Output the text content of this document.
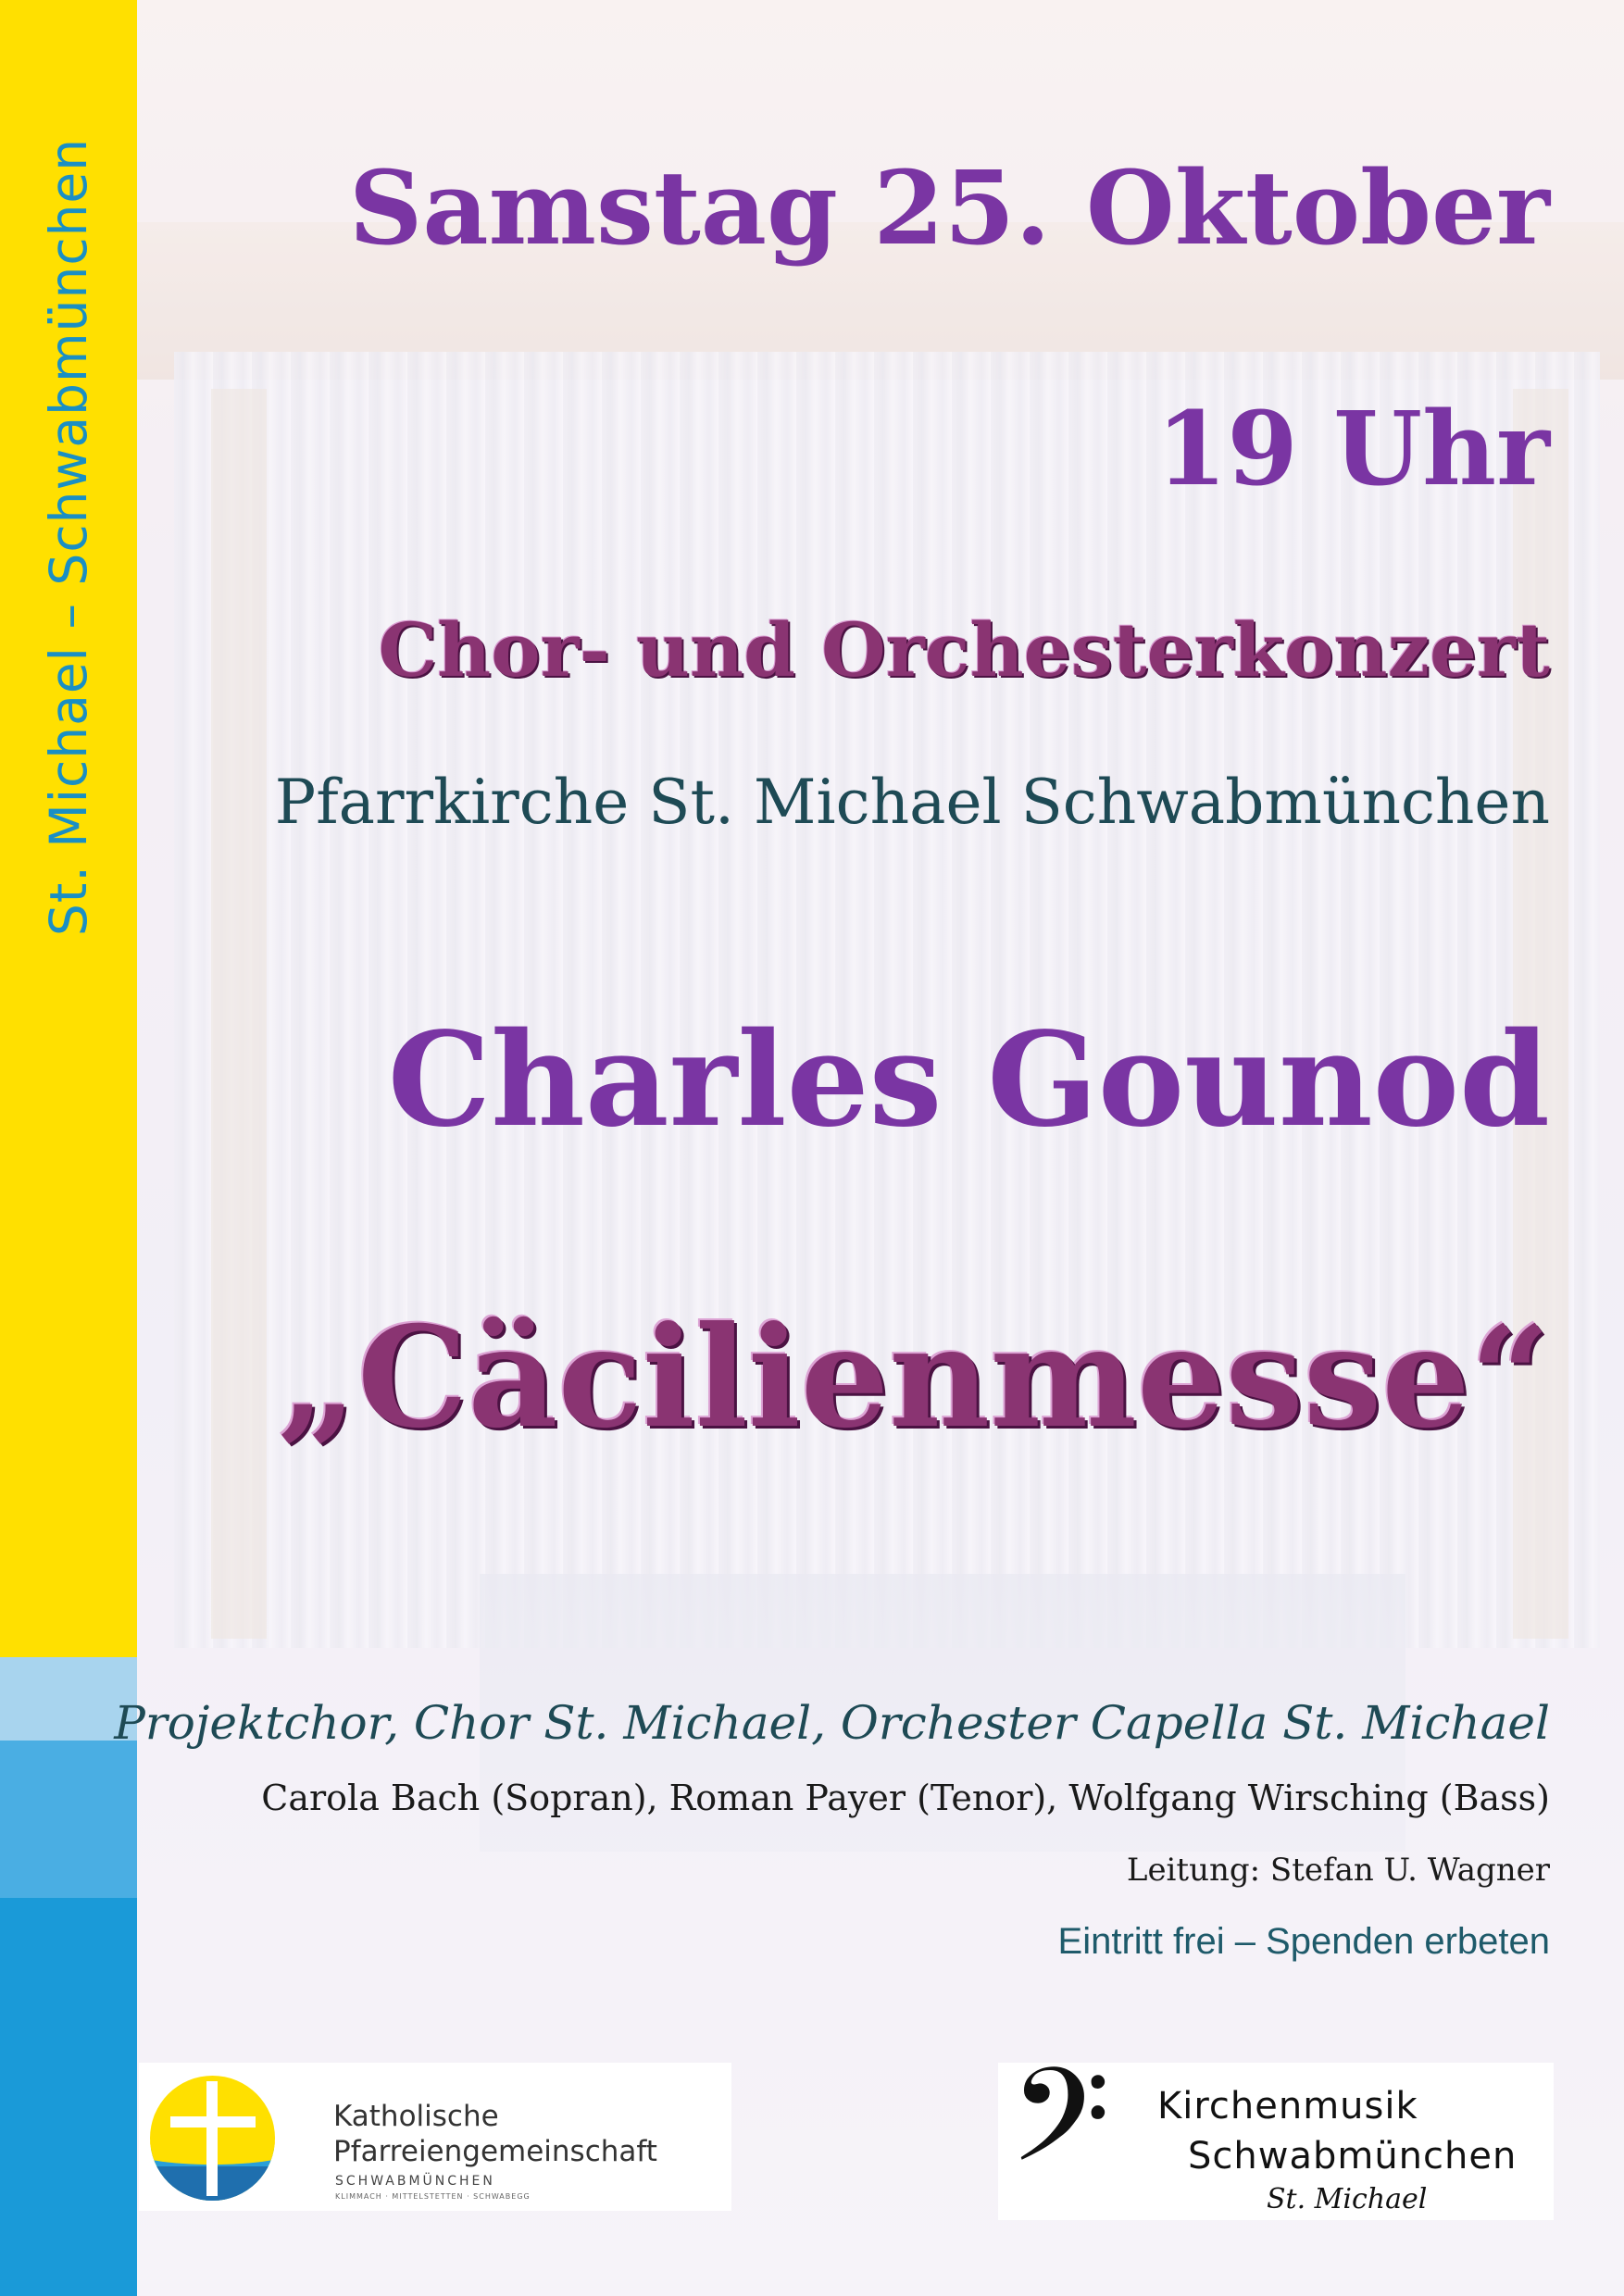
St. Michael – Schwabmünchen Samstag 25. Oktober
19 Uhr
Chor- und Orchesterkonzert

Pfarrkirche St. Michael Schwabmünchen

Charles Gounod
„Cäcilienmesse“

Projektchor, Chor St. Michael, Orchester Capella St. Michael

Carola Bach (Sopran), Roman Payer (Tenor), Wolfgang Wirsching (Bass)

Leitung: Stefan U. Wagner

Eintritt frei – Spenden erbeten

Katholische
Pfarreiengemeinschaft
SCHWABMÜNCHEN
KLIMMACH · MITTELSTETTEN · SCHWABEGG	𝄢 Kirchenmusik
Schwabmünchen
St. Michael
